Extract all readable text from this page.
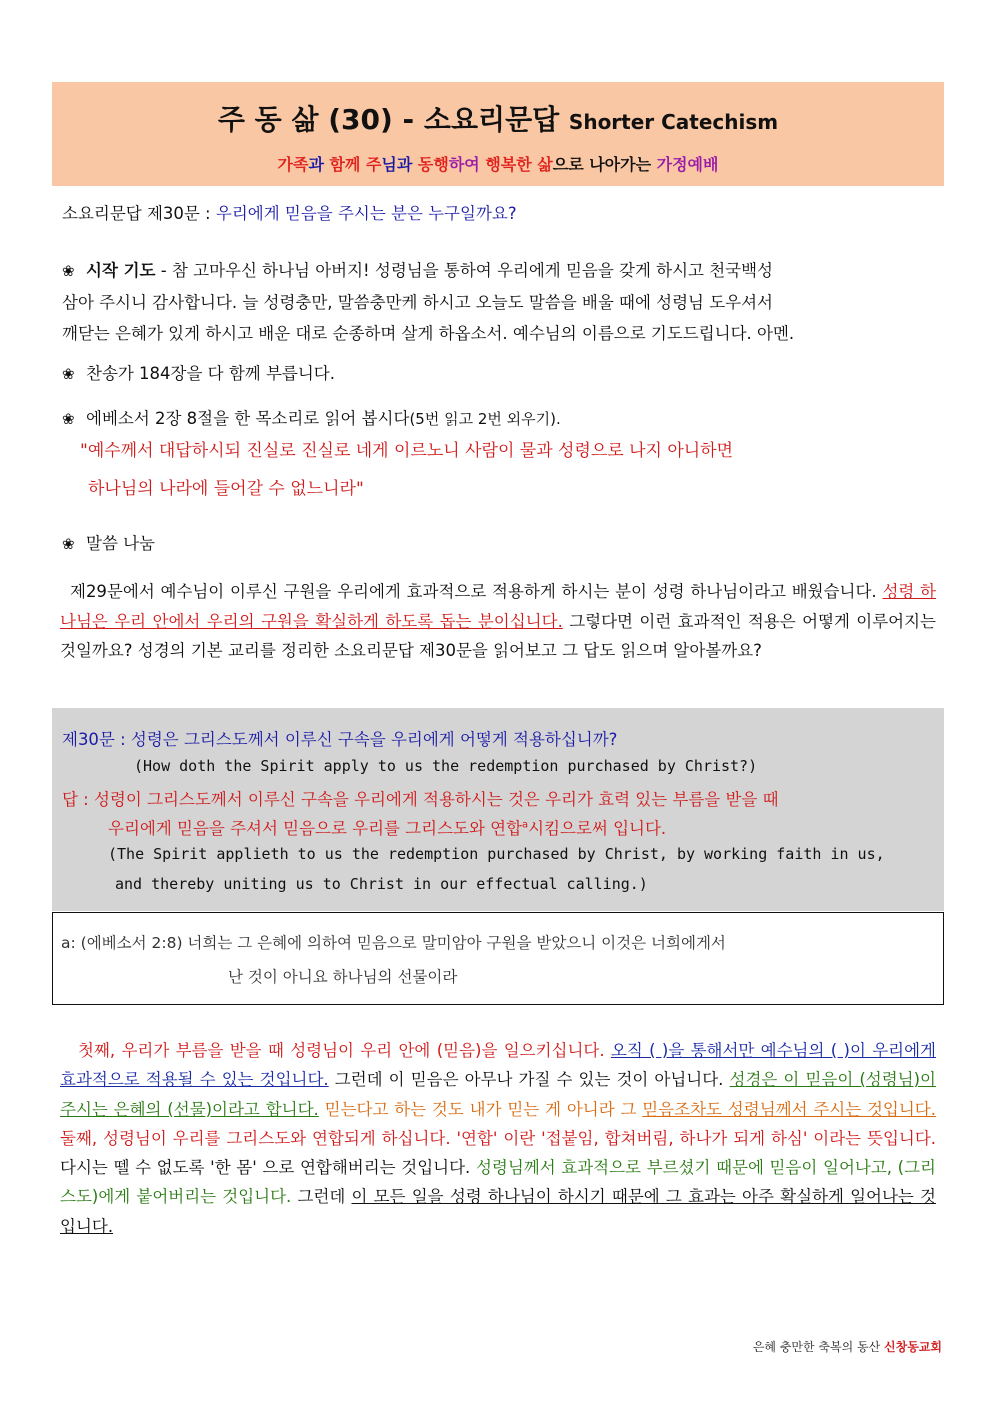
주 동 삶 (30) - 소요리문답 Shorter Catechism
가족과 함께 주님과 동행하여 행복한 삶으로 나아가는 가정예배
소요리문답 제30문 : 우리에게 믿음을 주시는 분은 누구일까요?
❀ 시작 기도 - 참 고마우신 하나님 아버지! 성령님을 통하여 우리에게 믿음을 갖게 하시고 천국백성
삼아 주시니 감사합니다. 늘 성령충만, 말씀충만케 하시고 오늘도 말씀을 배울 때에 성령님 도우셔서
깨닫는 은혜가 있게 하시고 배운 대로 순종하며 살게 하옵소서. 예수님의 이름으로 기도드립니다. 아멘.
❀ 찬송가 184장을 다 함께 부릅니다.
❀ 에베소서 2장 8절을 한 목소리로 읽어 봅시다(5번 읽고 2번 외우기).
"예수께서 대답하시되 진실로 진실로 네게 이르노니 사람이 물과 성령으로 나지 아니하면
하나님의 나라에 들어갈 수 없느니라"
❀ 말씀 나눔
제29문에서 예수님이 이루신 구원을 우리에게 효과적으로 적용하게 하시는 분이 성령 하나님이라고 배웠습니다. 성령 하나님은 우리 안에서 우리의 구원을 확실하게 하도록 돕는 분이십니다. 그렇다면 이런 효과적인 적용은 어떻게 이루어지는 것일까요? 성경의 기본 교리를 정리한 소요리문답 제30문을 읽어보고 그 답도 읽으며 알아볼까요?
제30문 : 성령은 그리스도께서 이루신 구속을 우리에게 어떻게 적용하십니까?
(How doth the Spirit apply to us the redemption purchased by Christ?)
답 : 성령이 그리스도께서 이루신 구속을 우리에게 적용하시는 것은 우리가 효력 있는 부름을 받을 때
우리에게 믿음을 주셔서 믿음으로 우리를 그리스도와 연합$^a$시킴으로써 입니다.
(The Spirit applieth to us the redemption purchased by Christ, by working faith in us,
and thereby uniting us to Christ in our effectual calling.)
a: (에베소서 2:8) 너희는 그 은혜에 의하여 믿음으로 말미암아 구원을 받았으니 이것은 너희에게서
난 것이 아니요 하나님의 선물이라
첫째, 우리가 부름을 받을 때 성령님이 우리 안에 (믿음)을 일으키십니다. 오직 ( )을 통해서만 예수님의 ( )이 우리에게 효과적으로 적용될 수 있는 것입니다. 그런데 이 믿음은 아무나 가질 수 있는 것이 아닙니다. 성경은 이 믿음이 (성령님)이 주시는 은혜의 (선물)이라고 합니다. 믿는다고 하는 것도 내가 믿는 게 아니라 그 믿음조차도 성령님께서 주시는 것입니다. 둘째, 성령님이 우리를 그리스도와 연합되게 하십니다. '연합' 이란 '접붙임, 합쳐버림, 하나가 되게 하심' 이라는 뜻입니다. 다시는 뗄 수 없도록 '한 몸' 으로 연합해버리는 것입니다. 성령님께서 효과적으로 부르셨기 때문에 믿음이 일어나고, (그리스도)에게 붙어버리는 것입니다. 그런데 이 모든 일을 성령 하나님이 하시기 때문에 그 효과는 아주 확실하게 일어나는 것입니다.
은혜 충만한 축복의 동산 신창동교회
